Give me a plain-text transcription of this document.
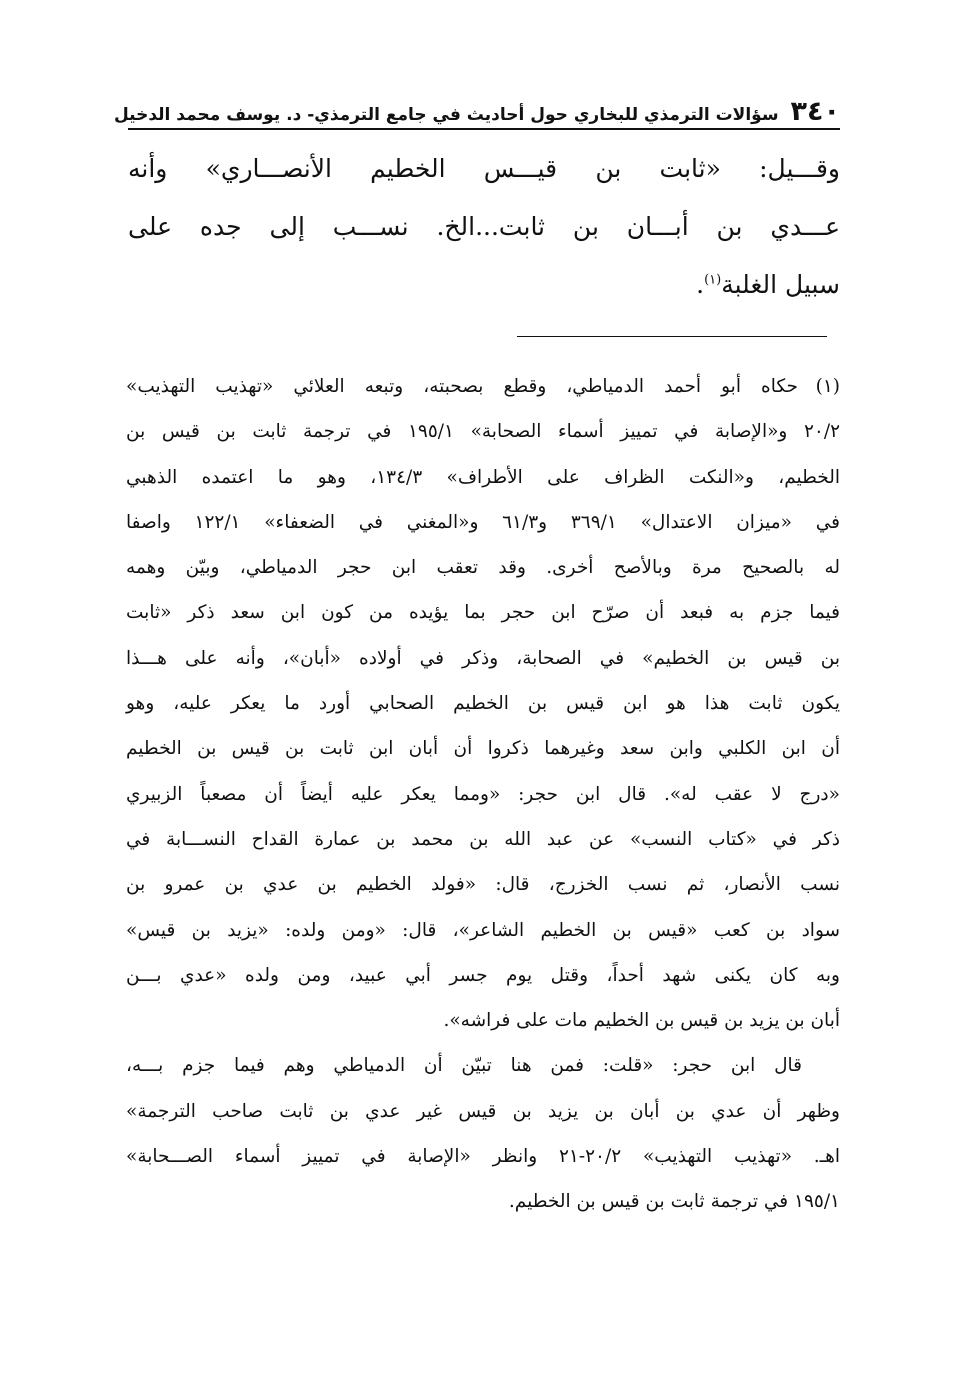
٣٤٠
سؤالات الترمذي للبخاري حول أحاديث في جامع الترمذي- د. يوسف محمد الدخيل
وقـــيل: «ثابت بن قيـــس الخطيم الأنصـــاري» وأنه
عـــدي بن أبـــان بن ثابت...الخ. نســـب إلى جده على
سبيل الغلبة$^{(١)}$.
(١)
حكاه أبو أحمد الدمياطي، وقطع بصحبته، وتبعه العلائي «تهذيب التهذيب»
٢٠/٢ و«الإصابة في تمييز أسماء الصحابة» ١٩٥/١ في ترجمة ثابت بن قيس بن
الخطيم، و«النكت الظراف على الأطراف» ١٣٤/٣، وهو ما اعتمده الذهبي
في «ميزان الاعتدال» ٣٦٩/١ و٦١/٣ و«المغني في الضعفاء» ١٢٢/١ واصفا
له بالصحيح مرة وبالأصح أخرى. وقد تعقب ابن حجر الدمياطي، وبيّن وهمه
فيما جزم به فبعد أن صرّح ابن حجر بما يؤيده من كون ابن سعد ذكر «ثابت
بن قيس بن الخطيم» في الصحابة، وذكر في أولاده «أبان»، وأنه على هـــذا
يكون ثابت هذا هو ابن قيس بن الخطيم الصحابي أورد ما يعكر عليه، وهو
أن ابن الكلبي وابن سعد وغيرهما ذكروا أن أبان ابن ثابت بن قيس بن الخطيم
«درج لا عقب له». قال ابن حجر: «ومما يعكر عليه أيضاً أن مصعباً الزبيري
ذكر في «كتاب النسب» عن عبد الله بن محمد بن عمارة القداح النســـابة في
نسب الأنصار، ثم نسب الخزرج، قال: «فولد الخطيم بن عدي بن عمرو بن
سواد بن كعب «قيس بن الخطيم الشاعر»، قال: «ومن ولده: «يزيد بن قيس»
وبه كان يكنى شهد أحداً، وقتل يوم جسر أبي عبيد، ومن ولده «عدي بـــن
أبان بن يزيد بن قيس بن الخطيم مات على فراشه».
قال ابن حجر: «قلت: فمن هنا تبيّن أن الدمياطي وهم فيما جزم بـــه،
وظهر أن عدي بن أبان بن يزيد بن قيس غير عدي بن ثابت صاحب الترجمة»
اهـ. «تهذيب التهذيب» ٢٠/٢-٢١ وانظر «الإصابة في تمييز أسماء الصـــحابة»
١٩٥/١ في ترجمة ثابت بن قيس بن الخطيم.
